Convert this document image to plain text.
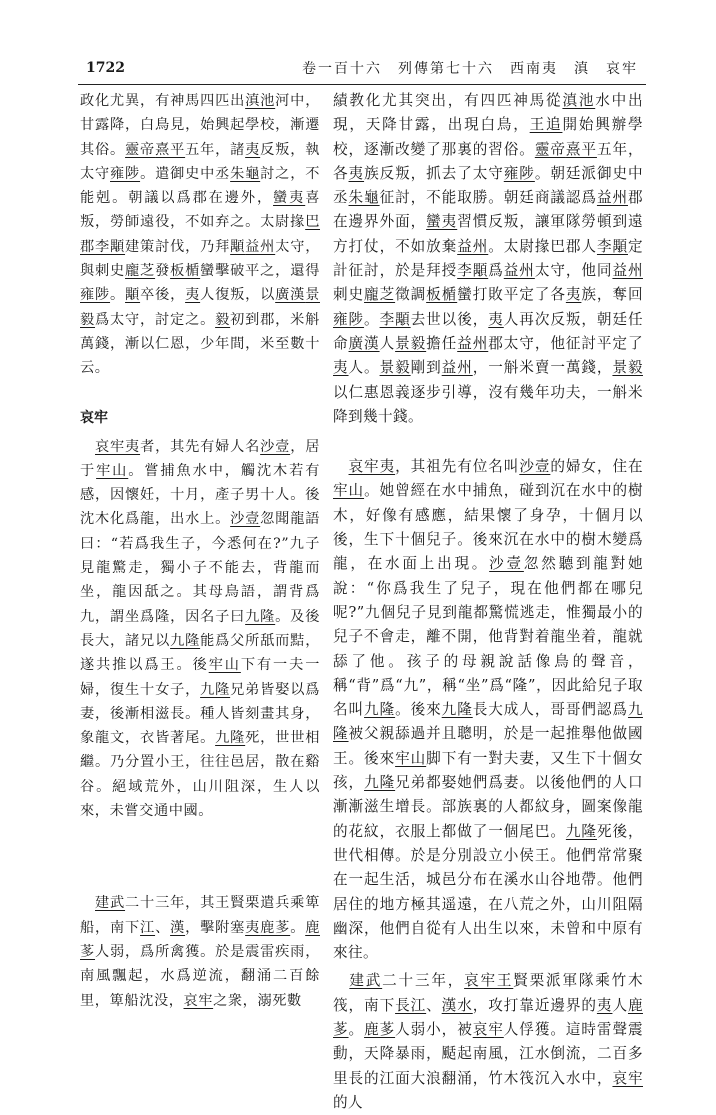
1722	卷一百十六　列傳第七十六　西南夷　滇　哀牢

政化尤異，有神馬四匹出滇池河中，甘露降，白鳥見，始興起學校，漸遷其俗。靈帝熹平五年，諸夷反叛，執太守雍陟。遣御史中丞朱龜討之，不能剋。朝議以爲郡在邊外，蠻夷喜叛，勞師遠役，不如弃之。太尉掾巴郡李顒建策討伐，乃拜顒益州太守，與刺史龐芝發板楯蠻擊破平之，還得雍陟。顒卒後，夷人復叛，以廣漢景毅爲太守，討定之。毅初到郡，米斛萬錢，漸以仁恩，少年間，米至數十云。

哀牢

　哀牢夷者，其先有婦人名沙壹，居于牢山。嘗捕魚水中，觸沈木若有感，因懷妊，十月，產子男十人。後沈木化爲龍，出水上。沙壹忽聞龍語曰：“若爲我生子，今悉何在?”九子見龍驚走，獨小子不能去，背龍而坐，龍因舐之。其母鳥語，謂背爲九，謂坐爲隆，因名子曰九隆。及後長大，諸兄以九隆能爲父所舐而黠，遂共推以爲王。後牢山下有一夫一婦，復生十女子，九隆兄弟皆娶以爲妻，後漸相滋長。種人皆刻畫其身，象龍文，衣皆著尾。九隆死，世世相繼。乃分置小王，往往邑居，散在谿谷。絕域荒外，山川阻深，生人以來，未嘗交通中國。

　建武二十三年，其王賢栗遣兵乘箄船，南下江、漢，擊附塞夷鹿茤。鹿茤人弱，爲所禽獲。於是震雷疾雨，南風飄起，水爲逆流，翻涌二百餘里，箄船沈没，哀牢之衆，溺死數

績教化尤其突出，有四匹神馬從滇池水中出現，天降甘露，出現白鳥，王追開始興辦學校，逐漸改變了那裏的習俗。靈帝熹平五年，各夷族反叛，抓去了太守雍陟。朝廷派御史中丞朱龜征討，不能取勝。朝廷商議認爲益州郡在邊界外面，蠻夷習慣反叛，讓軍隊勞頓到遠方打仗，不如放棄益州。太尉掾巴郡人李顒定計征討，於是拜授李顒爲益州太守，他同益州刺史龐芝徵調板楯蠻打敗平定了各夷族，奪回雍陟。李顒去世以後，夷人再次反叛，朝廷任命廣漢人景毅擔任益州郡太守，他征討平定了夷人。景毅剛到益州，一斛米賣一萬錢，景毅以仁惠恩義逐步引導，沒有幾年功夫，一斛米降到幾十錢。

　哀牢夷，其祖先有位名叫沙壹的婦女，住在牢山。她曾經在水中捕魚，碰到沉在水中的樹木，好像有感應，結果懷了身孕，十個月以後，生下十個兒子。後來沉在水中的樹木變爲龍，在水面上出現。沙壹忽然聽到龍對她說：“你爲我生了兒子，現在他們都在哪兒呢?”九個兒子見到龍都驚慌逃走，惟獨最小的兒子不會走，離不開，他背對着龍坐着，龍就舔了他。孩子的母親說話像鳥的聲音，稱“背”爲“九”，稱“坐”爲“隆”，因此給兒子取名叫九隆。後來九隆長大成人，哥哥們認爲九隆被父親舔過并且聰明，於是一起推舉他做國王。後來牢山脚下有一對夫妻，又生下十個女孩，九隆兄弟都娶她們爲妻。以後他們的人口漸漸滋生增長。部族裏的人都紋身，圖案像龍的花紋，衣服上都做了一個尾巴。九隆死後，世代相傳。於是分別設立小侯王。他們常常聚在一起生活，城邑分布在溪水山谷地帶。他們居住的地方極其遥遠，在八荒之外，山川阻隔幽深，他們自從有人出生以來，未曾和中原有來往。

　建武二十三年，哀牢王賢栗派軍隊乘竹木筏，南下長江、漢水，攻打靠近邊界的夷人鹿茤。鹿茤人弱小，被哀牢人俘獲。這時雷聲震動，天降暴雨，颳起南風，江水倒流，二百多里長的江面大浪翻涌，竹木筏沉入水中，哀牢的人
